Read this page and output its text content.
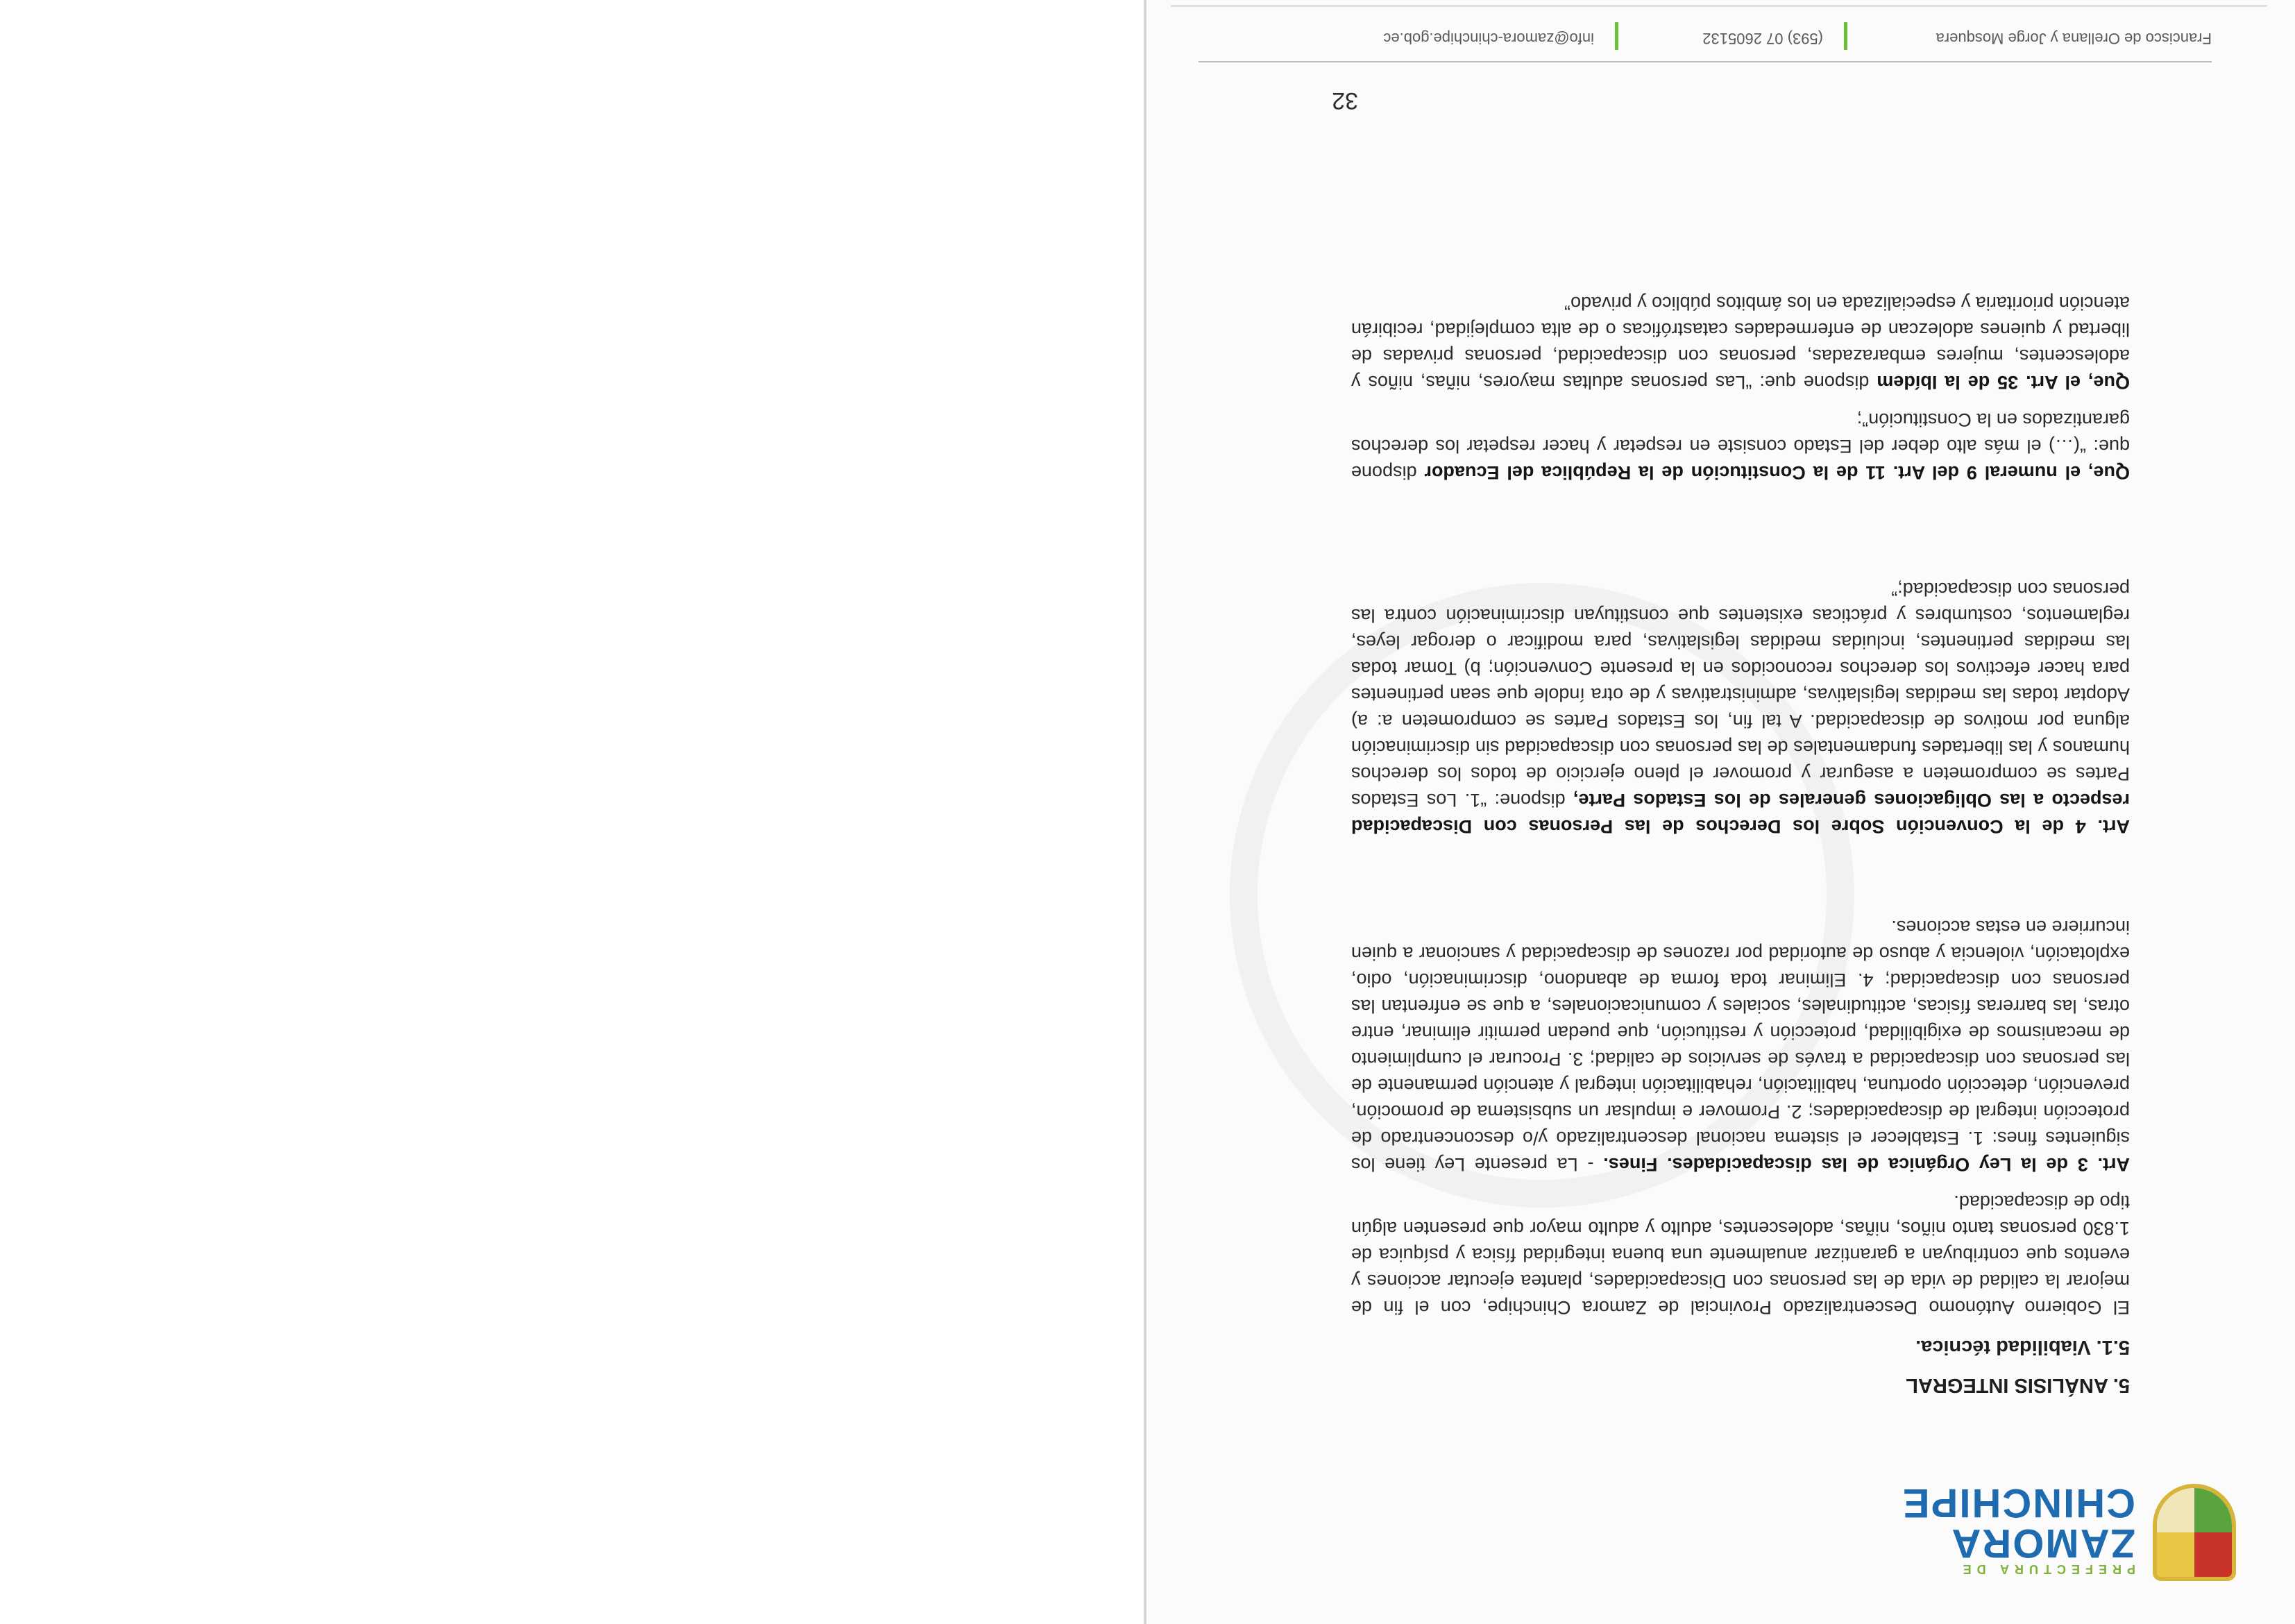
PREFECTURA DE
ZAMORA
CHINCHIPE
5. ANÁLISIS INTEGRAL
5.1. Viabilidad técnica.

El Gobierno Autónomo Descentralizado Provincial de Zamora Chinchipe, con el fin de mejorar la calidad de vida de las personas con Discapacidades, plantea ejecutar acciones y eventos que contribuyan a garantizar anualmente una buena integridad física y psíquica de 1.830 personas tanto niños, niñas, adolescentes, adulto y adulto mayor que presenten algún tipo de discapacidad.

Art. 3 de la Ley Orgánica de las discapacidades. Fines. - La presente Ley tiene los siguientes fines: 1. Establecer el sistema nacional descentralizado y/o desconcentrado de protección integral de discapacidades; 2. Promover e impulsar un subsistema de promoción, prevención, detección oportuna, habilitación, rehabilitación integral y atención permanente de las personas con discapacidad a través de servicios de calidad; 3. Procurar el cumplimiento de mecanismos de exigibilidad, protección y restitución, que puedan permitir eliminar, entre otras, las barreras físicas, actitudinales, sociales y comunicacionales, a que se enfrentan las personas con discapacidad; 4. Eliminar toda forma de abandono, discriminación, odio, explotación, violencia y abuso de autoridad por razones de discapacidad y sancionar a quien incurriere en estas acciones.

Art. 4 de la Convención Sobre los Derechos de las Personas con Discapacidad respecto a las Obligaciones generales de los Estados Parte, dispone: “1. Los Estados Partes se comprometen a asegurar y promover el pleno ejercicio de todos los derechos humanos y las libertades fundamentales de las personas con discapacidad sin discriminación alguna por motivos de discapacidad. A tal fin, los Estados Partes se comprometen a: a) Adoptar todas las medidas legislativas, administrativas y de otra índole que sean pertinentes para hacer efectivos los derechos reconocidos en la presente Convención; b) Tomar todas las medidas pertinentes, incluidas medidas legislativas, para modificar o derogar leyes, reglamentos, costumbres y prácticas existentes que constituyan discriminación contra las personas con discapacidad;”

Que, el numeral 9 del Art. 11 de la Constitución de la República del Ecuador dispone que: “(…) el más alto deber del Estado consiste en respetar y hacer respetar los derechos garantizados en la Constitución”;

Que, el Art. 35 de la Ibídem dispone que: “Las personas adultas mayores, niñas, niños y adolescentes, mujeres embarazadas, personas con discapacidad, personas privadas de libertad y quienes adolezcan de enfermedades catastróficas o de alta complejidad, recibirán atención prioritaria y especializada en los ámbitos público y privado”

32
Francisco de Orellana y Jorge Mosquera
(593) 07 2605132
info@zamora-chinchipe.gob.ec
